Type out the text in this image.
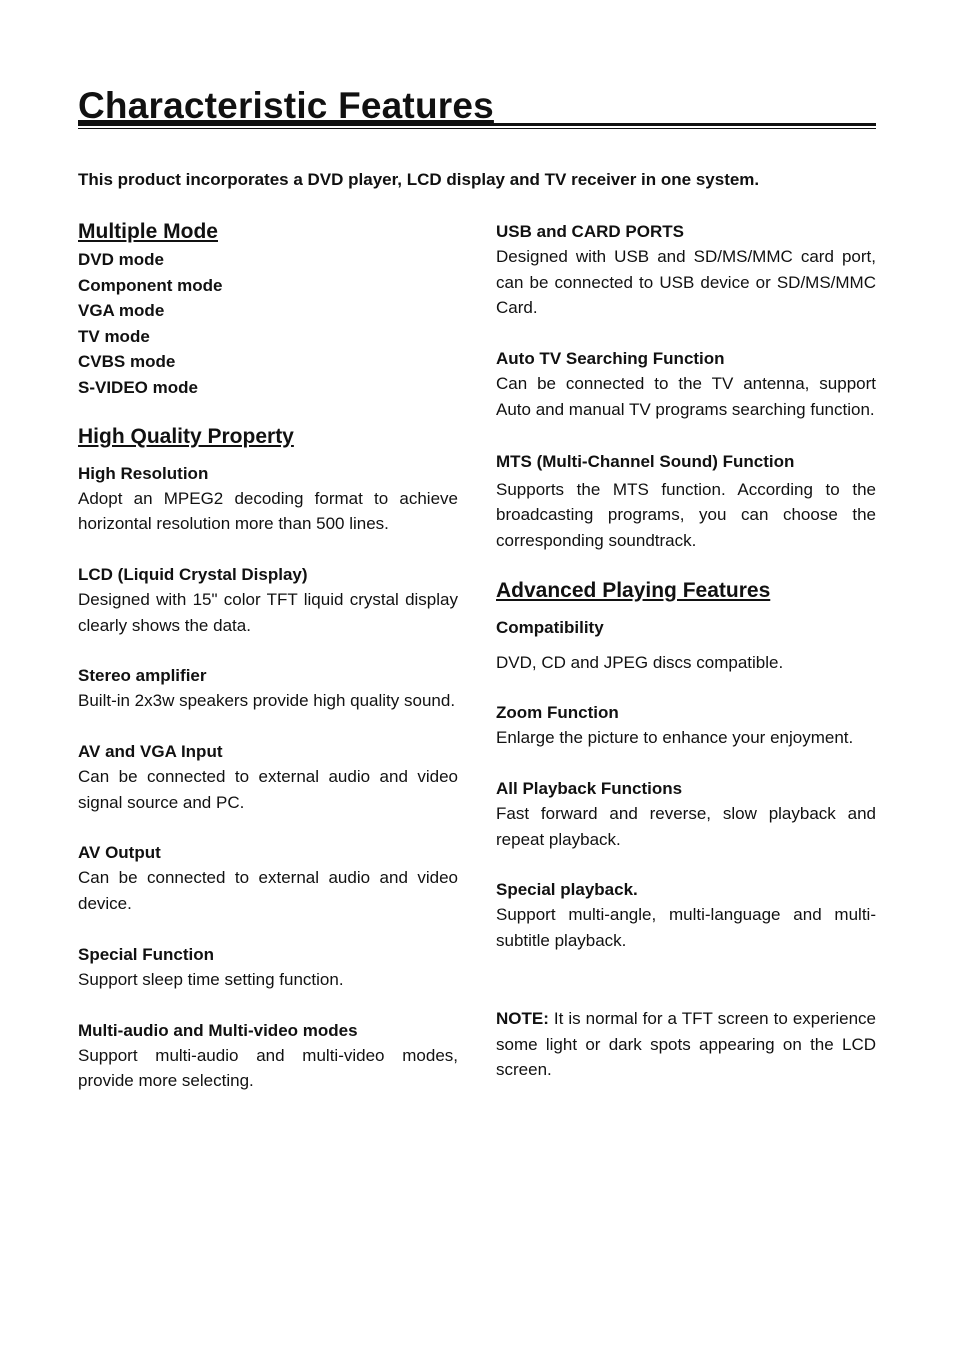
Characteristic Features

This product incorporates a DVD player, LCD display and TV receiver in one system.

Multiple Mode
DVD mode
Component mode
VGA mode
TV mode
CVBS mode
S-VIDEO mode
High Quality Property
High Resolution

Adopt an MPEG2 decoding format to achieve horizontal resolution more than 500 lines.

LCD (Liquid Crystal Display)

Designed with 15" color TFT liquid crystal display clearly shows the data.

Stereo amplifier

Built-in 2x3w speakers provide high quality sound.

AV and VGA Input

Can be connected to external audio and video signal source and PC.

AV Output

Can be connected to external audio and video device.

Special Function

Support sleep time setting function.

Multi-audio and Multi-video modes

Support multi-audio and multi-video modes, provide more selecting.

USB and CARD PORTS

Designed with USB and SD/MS/MMC card port, can be connected to USB device or SD/MS/MMC Card.

Auto TV Searching Function

Can be connected to the TV antenna, support Auto and manual TV programs searching function.

MTS (Multi-Channel Sound) Function

Supports the MTS function. According to the broadcasting programs, you can choose the corresponding soundtrack.

Advanced Playing Features
Compatibility

DVD, CD and JPEG discs compatible.

Zoom Function

Enlarge the picture to enhance your enjoyment.

All Playback Functions

Fast forward and reverse, slow playback and repeat playback.

Special playback.

Support multi-angle, multi-language and multi-subtitle playback.

NOTE: It is normal for a TFT screen to experience some light or dark spots appearing on the LCD screen.
